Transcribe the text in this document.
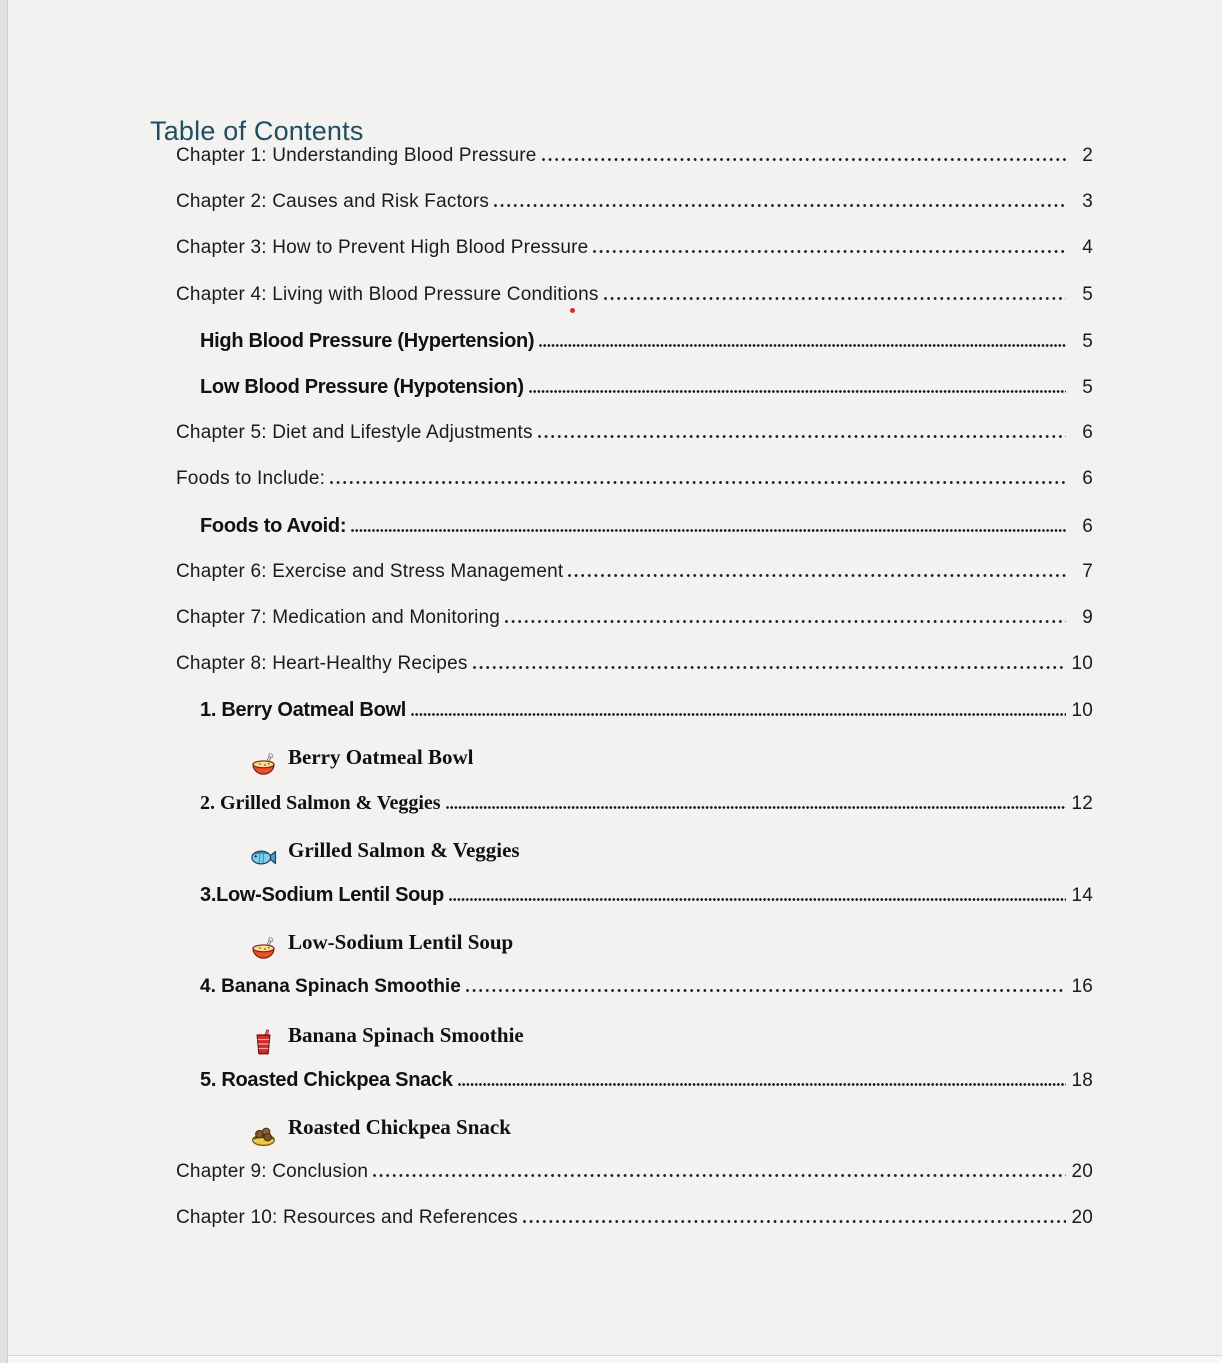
Table of Contents
Chapter 1: Understanding Blood Pressure	2
Chapter 2: Causes and Risk Factors	3
Chapter 3: How to Prevent High Blood Pressure	4
Chapter 4: Living with Blood Pressure Conditions	5
High Blood Pressure (Hypertension)	5
Low Blood Pressure (Hypotension)	5
Chapter 5: Diet and Lifestyle Adjustments	6
Foods to Include:	6
Foods to Avoid:	6
Chapter 6: Exercise and Stress Management	7
Chapter 7: Medication and Monitoring	9
Chapter 8: Heart-Healthy Recipes	10
1. Berry Oatmeal Bowl	10
Berry Oatmeal Bowl
2. Grilled Salmon & Veggies	12
Grilled Salmon & Veggies
3.Low-Sodium Lentil Soup	14
Low-Sodium Lentil Soup
4. Banana Spinach Smoothie	16
Banana Spinach Smoothie
5. Roasted Chickpea Snack	18
Roasted Chickpea Snack
Chapter 9: Conclusion	20
Chapter 10: Resources and References	20
